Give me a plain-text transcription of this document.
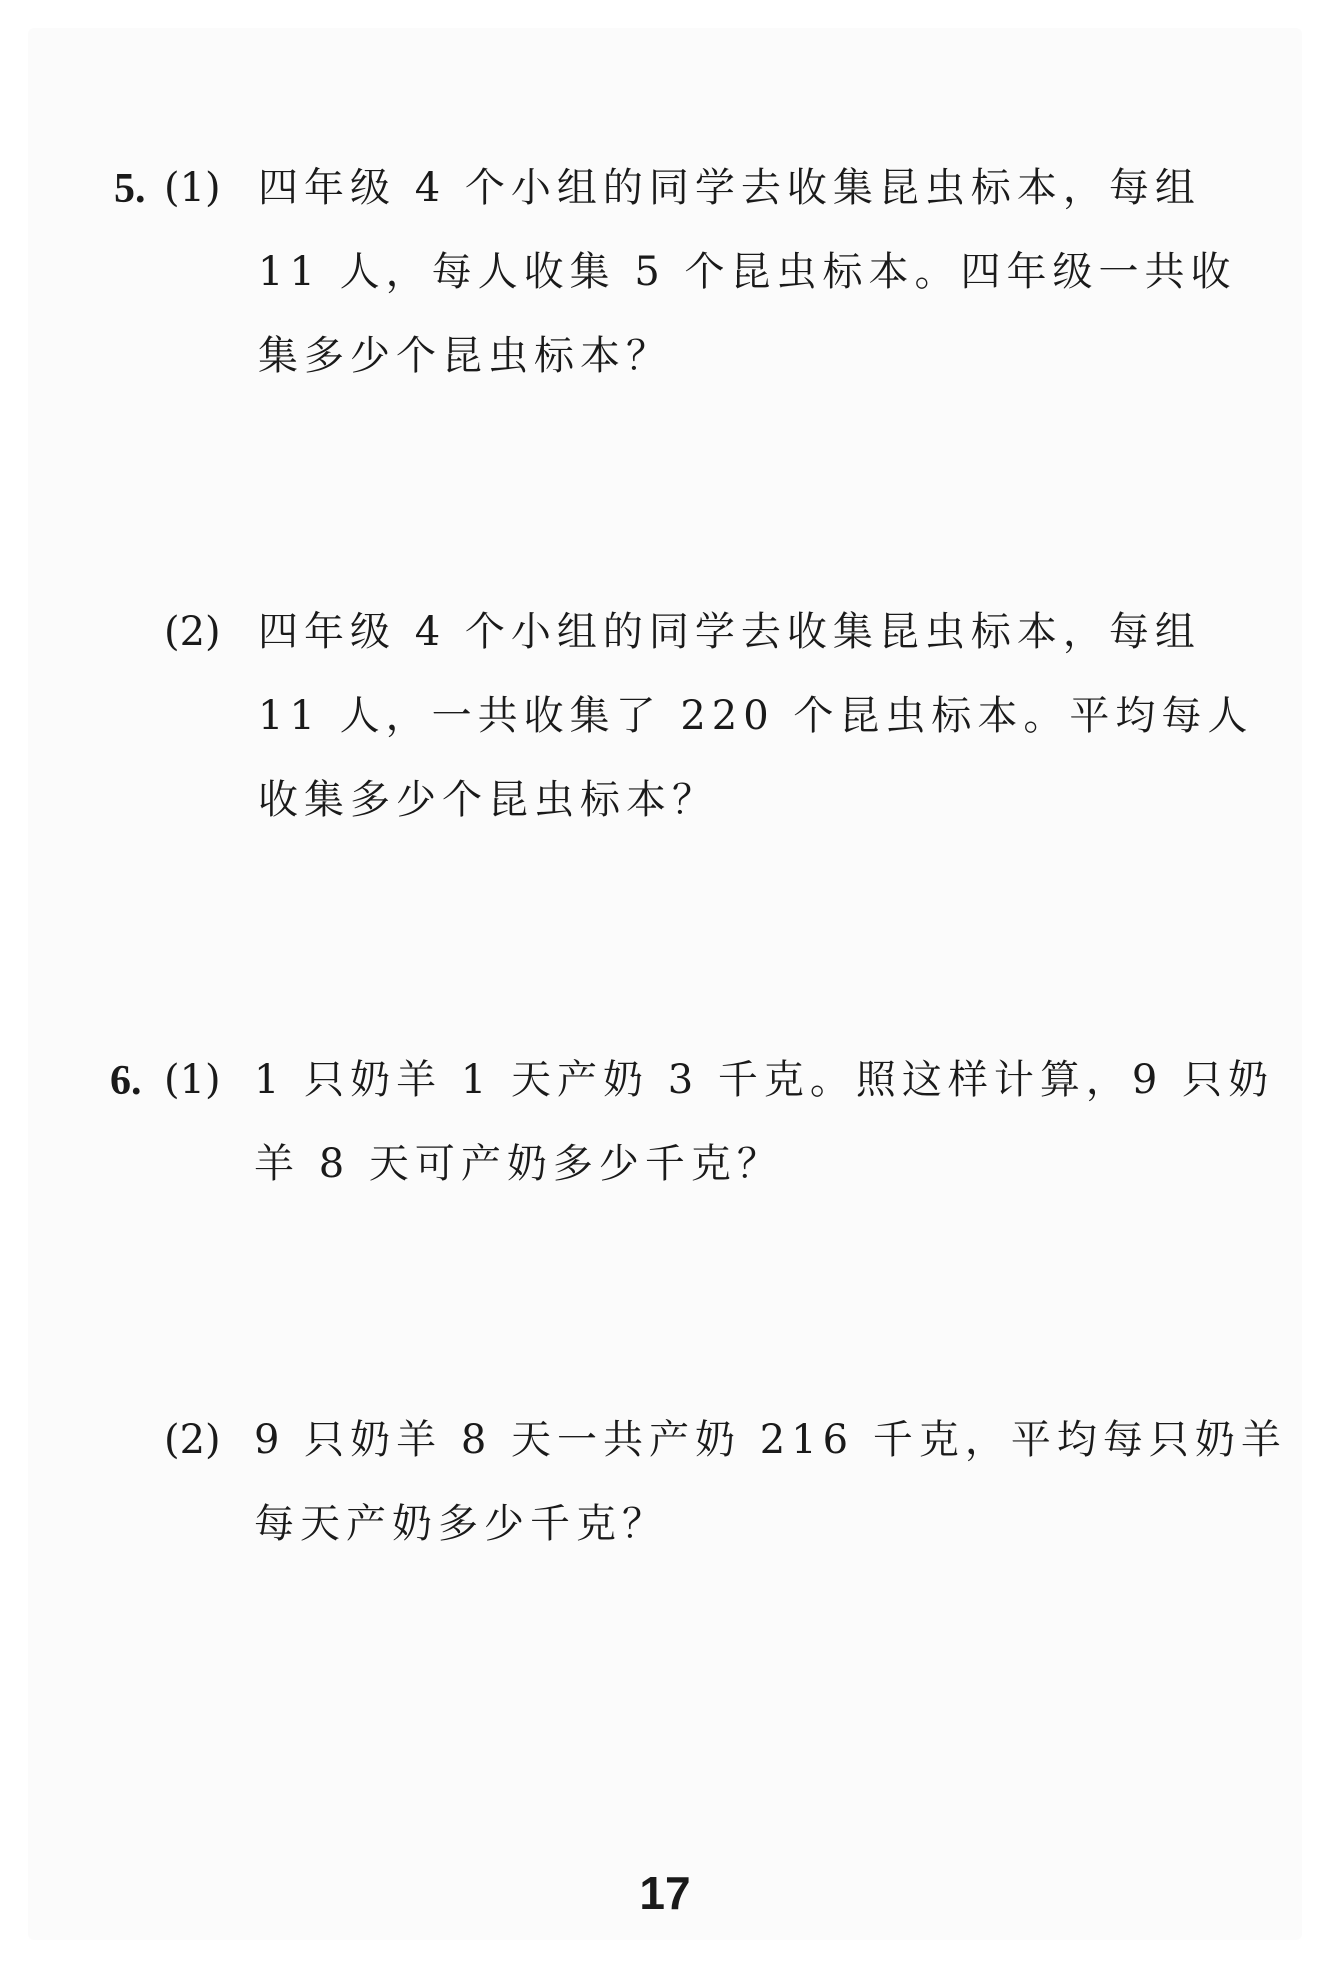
5. (1) 四年级 4 个小组的同学去收集昆虫标本，每组
11 人，每人收集 5 个昆虫标本。四年级一共收
集多少个昆虫标本？
(2) 四年级 4 个小组的同学去收集昆虫标本，每组
11 人，一共收集了 220 个昆虫标本。平均每人
收集多少个昆虫标本？
6. (1) 1 只奶羊 1 天产奶 3 千克。照这样计算，9 只奶
羊 8 天可产奶多少千克？
(2) 9 只奶羊 8 天一共产奶 216 千克，平均每只奶羊
每天产奶多少千克？
17
